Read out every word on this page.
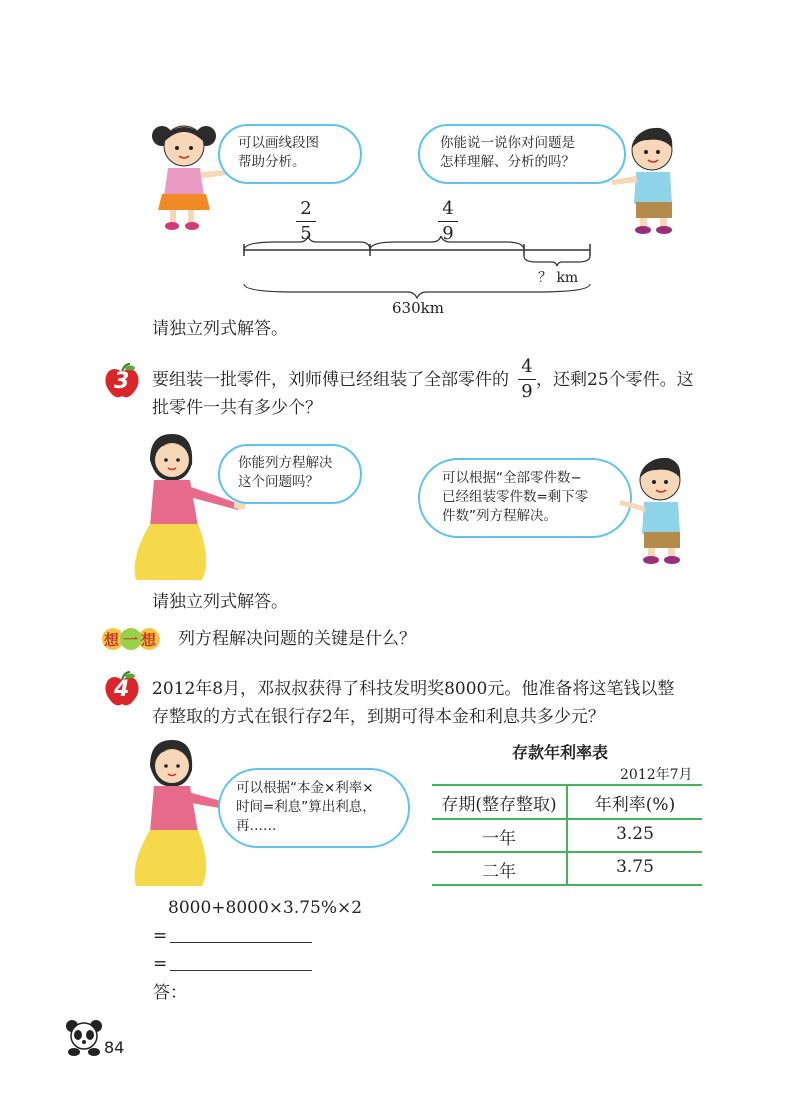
可以画线段图
帮助分析。
你能说一说你对问题是
怎样理解、分析的吗？
2
5
4
9
？ km
630km
请独立列式解答。
3 要组装一批零件，刘师傅已经组装了全部零件的
4
9
，还剩25个零件。这
批零件一共有多少个？
你能列方程解决
这个问题吗？	可以根据“全部零件数−
已经组装零件数=剩下零
件数”列方程解决。
请独立列式解答。
想 一 想 列方程解决问题的关键是什么？
4 2012年8月，邓叔叔获得了科技发明奖8000元。他准备将这笔钱以整
存整取的方式在银行存2年，到期可得本金和利息共多少元？
可以根据“本金×利率×
时间=利息”算出利息，
再……
存款年利率表
2012年7月
存期(整存整取)	年利率(%)
一年	3.25
二年	3.75
8000+8000×3.75%×2
=
=
答：
84
